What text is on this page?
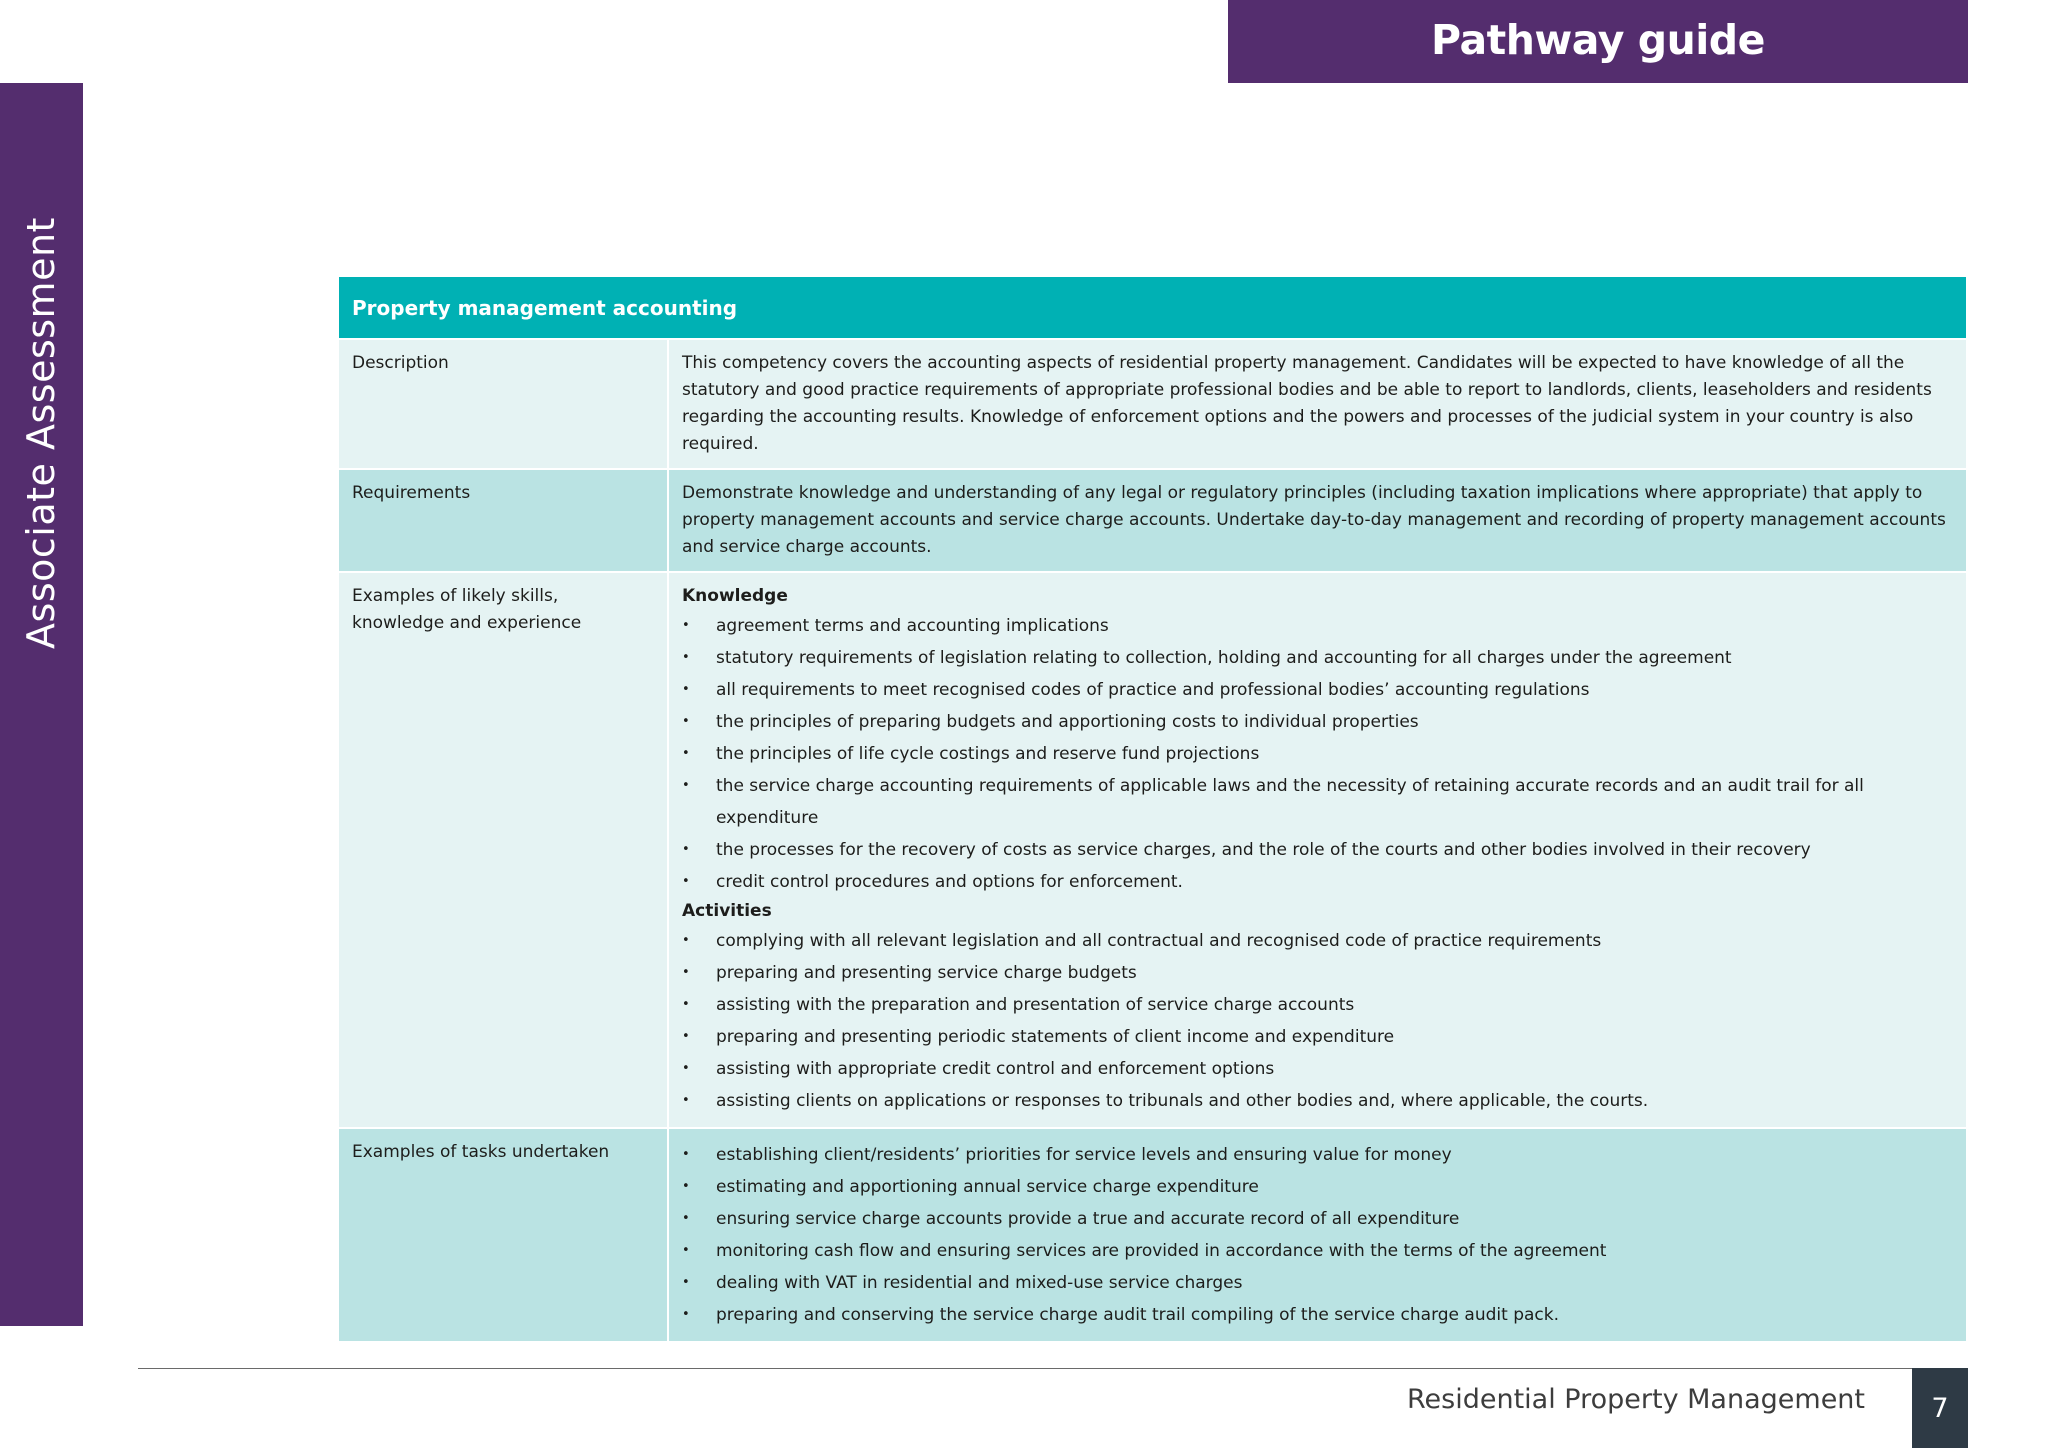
Pathway guide
Associate Assessment	Property management accounting
Description	This competency covers the accounting aspects of residential property management. Candidates will be expected to have knowledge of all the statutory and good practice requirements of appropriate professional bodies and be able to report to landlords, clients, leaseholders and residents regarding the accounting results. Knowledge of enforcement options and the powers and processes of the judicial system in your country is also required.
Requirements	Demonstrate knowledge and understanding of any legal or regulatory principles (including taxation implications where appropriate) that apply to property management accounts and service charge accounts. Undertake day-to-day management and recording of property management accounts and service charge accounts.
Examples of likely skills, knowledge and experience
Knowledge
• agreement terms and accounting implications
• statutory requirements of legislation relating to collection, holding and accounting for all charges under the agreement
• all requirements to meet recognised codes of practice and professional bodies’ accounting regulations
• the principles of preparing budgets and apportioning costs to individual properties
• the principles of life cycle costings and reserve fund projections
• the service charge accounting requirements of applicable laws and the necessity of retaining accurate records and an audit trail for all expenditure
• the processes for the recovery of costs as service charges, and the role of the courts and other bodies involved in their recovery
• credit control procedures and options for enforcement.
Activities
• complying with all relevant legislation and all contractual and recognised code of practice requirements
• preparing and presenting service charge budgets
• assisting with the preparation and presentation of service charge accounts
• preparing and presenting periodic statements of client income and expenditure
• assisting with appropriate credit control and enforcement options
• assisting clients on applications or responses to tribunals and other bodies and, where applicable, the courts.
Examples of tasks undertaken
•	establishing client/residents’ priorities for service levels and ensuring value for money
• estimating and apportioning annual service charge expenditure
• ensuring service charge accounts provide a true and accurate record of all expenditure
• monitoring cash flow and ensuring services are provided in accordance with the terms of the agreement
• dealing with VAT in residential and mixed-use service charges
• preparing and conserving the service charge audit trail compiling of the service charge audit pack.
Residential Property Management	7
